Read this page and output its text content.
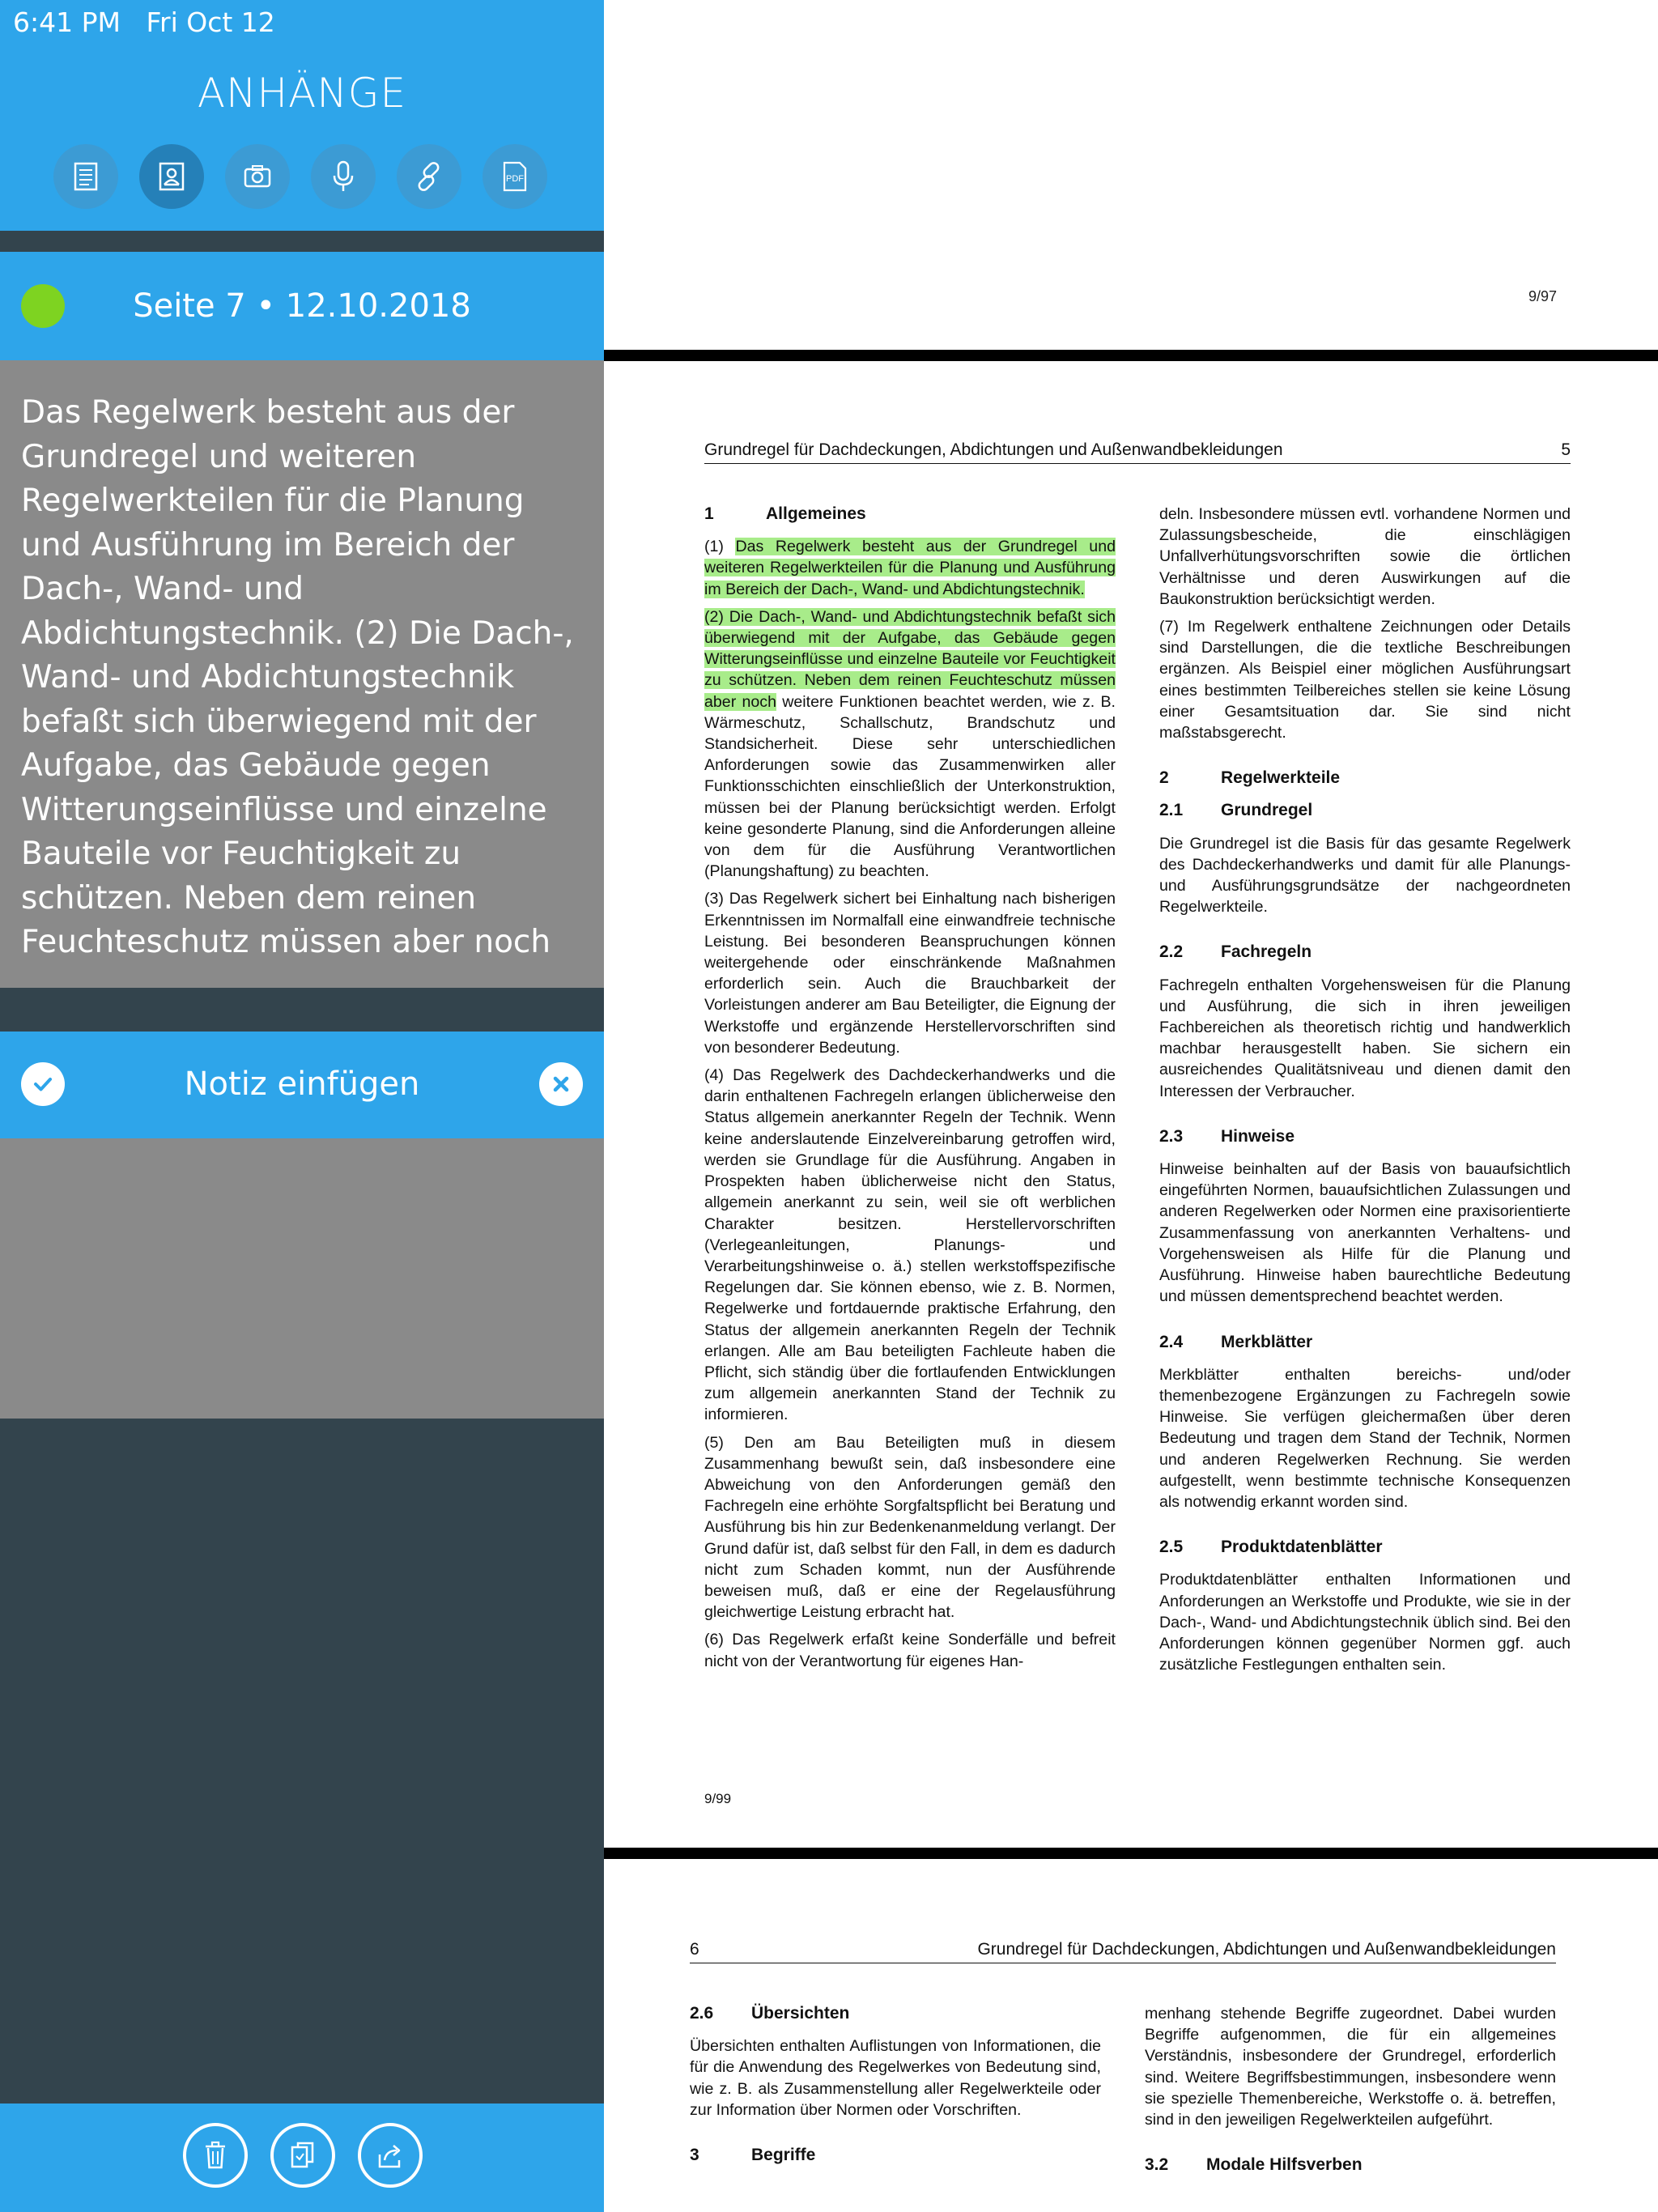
6:41 PM Fri Oct 12
ANHÄNGE
PDF
Seite 7 • 12.10.2018
Das Regelwerk besteht aus der Grundregel und weiteren Regelwerkteilen für die Planung und Ausführung im Bereich der Dach-, Wand- und Abdichtungstechnik. (2) Die Dach-, Wand- und Abdichtungstechnik befaßt sich überwiegend mit der Aufgabe, das Gebäude gegen Witterungseinflüsse und einzelne Bauteile vor Feuchtigkeit zu schützen. Neben dem reinen Feuchteschutz müssen aber noch
Notiz einfügen
9/97
Grundregel für Dachdeckungen, Abdichtungen und Außenwandbekleidungen	5
1	Allgemeines

(1) Das Regelwerk besteht aus der Grundregel und weiteren Regelwerkteilen für die Planung und Ausführung im Bereich der Dach-, Wand- und Abdichtungstechnik.

(2) Die Dach-, Wand- und Abdichtungstechnik befaßt sich überwiegend mit der Aufgabe, das Gebäude gegen Witterungseinflüsse und einzelne Bauteile vor Feuchtigkeit zu schützen. Neben dem reinen Feuchteschutz müssen aber noch weitere Funktionen beachtet werden, wie z. B. Wärmeschutz, Schallschutz, Brandschutz und Standsicherheit. Diese sehr unterschiedlichen Anforderungen sowie das Zusammenwirken aller Funktionsschichten einschließlich der Unterkonstruktion, müssen bei der Planung berücksichtigt werden. Erfolgt keine gesonderte Planung, sind die Anforderungen alleine von dem für die Ausführung Verantwortlichen (Planungshaftung) zu beachten.

(3) Das Regelwerk sichert bei Einhaltung nach bisherigen Erkenntnissen im Normalfall eine einwandfreie technische Leistung. Bei besonderen Beanspruchungen können weitergehende oder einschränkende Maßnahmen erforderlich sein. Auch die Brauchbarkeit der Vorleistungen anderer am Bau Beteiligter, die Eignung der Werkstoffe und ergänzende Herstellervorschriften sind von besonderer Bedeutung.

(4) Das Regelwerk des Dachdeckerhandwerks und die darin enthaltenen Fachregeln erlangen üblicherweise den Status allgemein anerkannter Regeln der Technik. Wenn keine anderslautende Einzelvereinbarung getroffen wird, werden sie Grundlage für die Ausführung. Angaben in Prospekten haben üblicherweise nicht den Status, allgemein anerkannt zu sein, weil sie oft werblichen Charakter besitzen. Herstellervorschriften (Verlegeanleitungen, Planungs- und Verarbeitungshinweise o. ä.) stellen werkstoffspezifische Regelungen dar. Sie können ebenso, wie z. B. Normen, Regelwerke und fortdauernde praktische Erfahrung, den Status der allgemein anerkannten Regeln der Technik erlangen. Alle am Bau beteiligten Fachleute haben die Pflicht, sich ständig über die fortlaufenden Entwicklungen zum allgemein anerkannten Stand der Technik zu informieren.

(5) Den am Bau Beteiligten muß in diesem Zusammenhang bewußt sein, daß insbesondere eine Abweichung von den Anforderungen gemäß den Fachregeln eine erhöhte Sorgfaltspflicht bei Beratung und Ausführung bis hin zur Bedenkenanmeldung verlangt. Der Grund dafür ist, daß selbst für den Fall, in dem es dadurch nicht zum Schaden kommt, nun der Ausführende beweisen muß, daß er eine der Regelausführung gleichwertige Leistung erbracht hat.

(6) Das Regelwerk erfaßt keine Sonderfälle und befreit nicht von der Verantwortung für eigenes Han-

deln. Insbesondere müssen evtl. vorhandene Normen und Zulassungsbescheide, die einschlägigen Unfallverhütungsvorschriften sowie die örtlichen Verhältnisse und deren Auswirkungen auf die Baukonstruktion berücksichtigt werden.

(7) Im Regelwerk enthaltene Zeichnungen oder Details sind Darstellungen, die die textliche Beschreibungen ergänzen. Als Beispiel einer möglichen Ausführungsart eines bestimmten Teilbereiches stellen sie keine Lösung einer Gesamtsituation dar. Sie sind nicht maßstabsgerecht.

2	Regelwerkteile
2.1	Grundregel

Die Grundregel ist die Basis für das gesamte Regelwerk des Dachdeckerhandwerks und damit für alle Planungs- und Ausführungsgrundsätze der nachgeordneten Regelwerkteile.

2.2	Fachregeln

Fachregeln enthalten Vorgehensweisen für die Planung und Ausführung, die sich in ihren jeweiligen Fachbereichen als theoretisch richtig und handwerklich machbar herausgestellt haben. Sie sichern ein ausreichendes Qualitätsniveau und dienen damit den Interessen der Verbraucher.

2.3	Hinweise

Hinweise beinhalten auf der Basis von bauaufsichtlich eingeführten Normen, bauaufsichtlichen Zulassungen und anderen Regelwerken oder Normen eine praxisorientierte Zusammenfassung von anerkannten Verhaltens- und Vorgehensweisen als Hilfe für die Planung und Ausführung. Hinweise haben baurechtliche Bedeutung und müssen dementsprechend beachtet werden.

2.4	Merkblätter

Merkblätter enthalten bereichs- und/oder themenbezogene Ergänzungen zu Fachregeln sowie Hinweise. Sie verfügen gleichermaßen über deren Bedeutung und tragen dem Stand der Technik, Normen und anderen Regelwerken Rechnung. Sie werden aufgestellt, wenn bestimmte technische Konsequenzen als notwendig erkannt worden sind.

2.5	Produktdatenblätter

Produktdatenblätter enthalten Informationen und Anforderungen an Werkstoffe und Produkte, wie sie in der Dach-, Wand- und Abdichtungstechnik üblich sind. Bei den Anforderungen können gegenüber Normen ggf. auch zusätzliche Festlegungen enthalten sein.

9/99
6	Grundregel für Dachdeckungen, Abdichtungen und Außenwandbekleidungen
2.6	Übersichten

Übersichten enthalten Auflistungen von Informationen, die für die Anwendung des Regelwerkes von Bedeutung sind, wie z. B. als Zusammenstellung aller Regelwerkteile oder zur Information über Normen oder Vorschriften.

3	Begriffe

menhang stehende Begriffe zugeordnet. Dabei wurden Begriffe aufgenommen, die für ein allgemeines Verständnis, insbesondere der Grundregel, erforderlich sind. Weitere Begriffsbestimmungen, insbesondere wenn sie spezielle Themenbereiche, Werkstoffe o. ä. betreffen, sind in den jeweiligen Regelwerkteilen aufgeführt.

3.2	Modale Hilfsverben
